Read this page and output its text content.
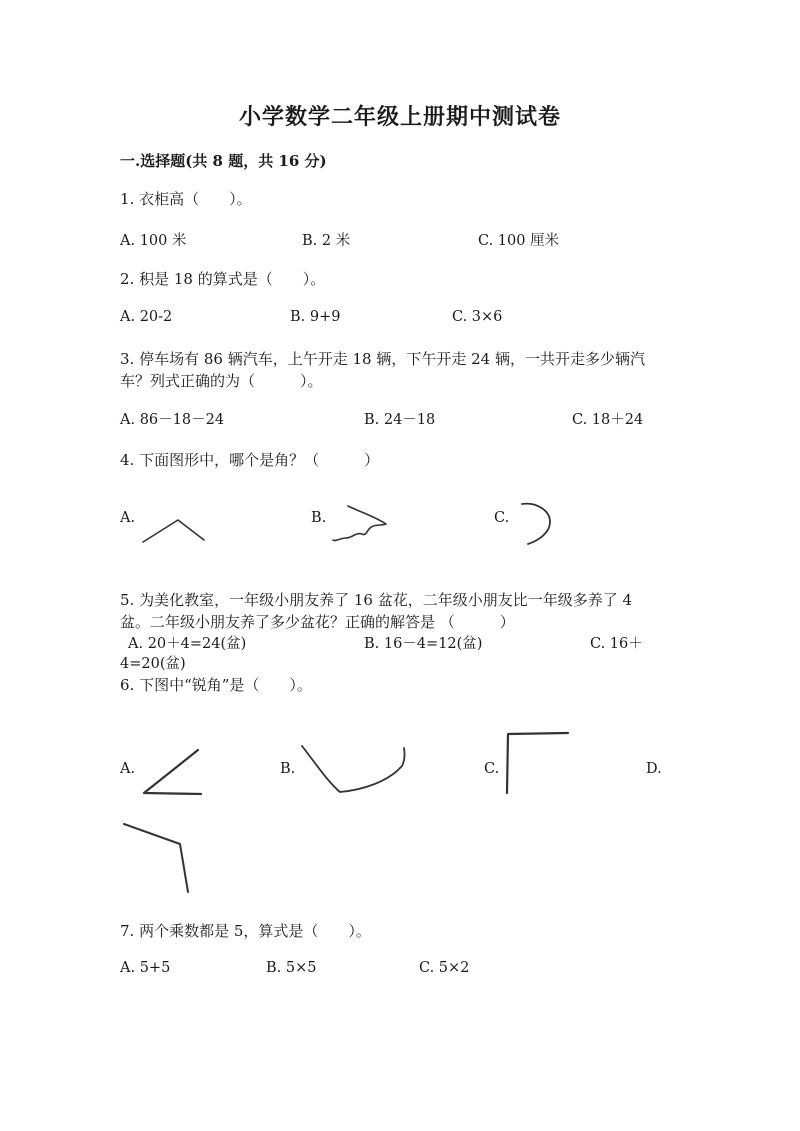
小学数学二年级上册期中测试卷
一.选择题(共 8 题，共 16 分)
1. 衣柜高（　　）。
A. 100 米	B. 2 米	C. 100 厘米
2. 积是 18 的算式是（　　）。
A. 20-2	B. 9+9	C. 3×6
3. 停车场有 86 辆汽车，上午开走 18 辆，下午开走 24 辆，一共开走多少辆汽
车？列式正确的为（　　　）。
A. 86－18－24	B. 24－18	C. 18＋24
4. 下面图形中，哪个是角？（　　　）
A.	B.	C.
5. 为美化教室，一年级小朋友养了 16 盆花，二年级小朋友比一年级多养了 4
盆。二年级小朋友养了多少盆花？正确的解答是 （　　　）
A. 20＋4=24(盆)	B. 16－4=12(盆)	C. 16＋
4=20(盆)
6. 下图中“锐角”是（　　）。
A.	B.	C.	D.
7. 两个乘数都是 5，算式是（　　）。
A. 5+5	B. 5×5	C. 5×2
